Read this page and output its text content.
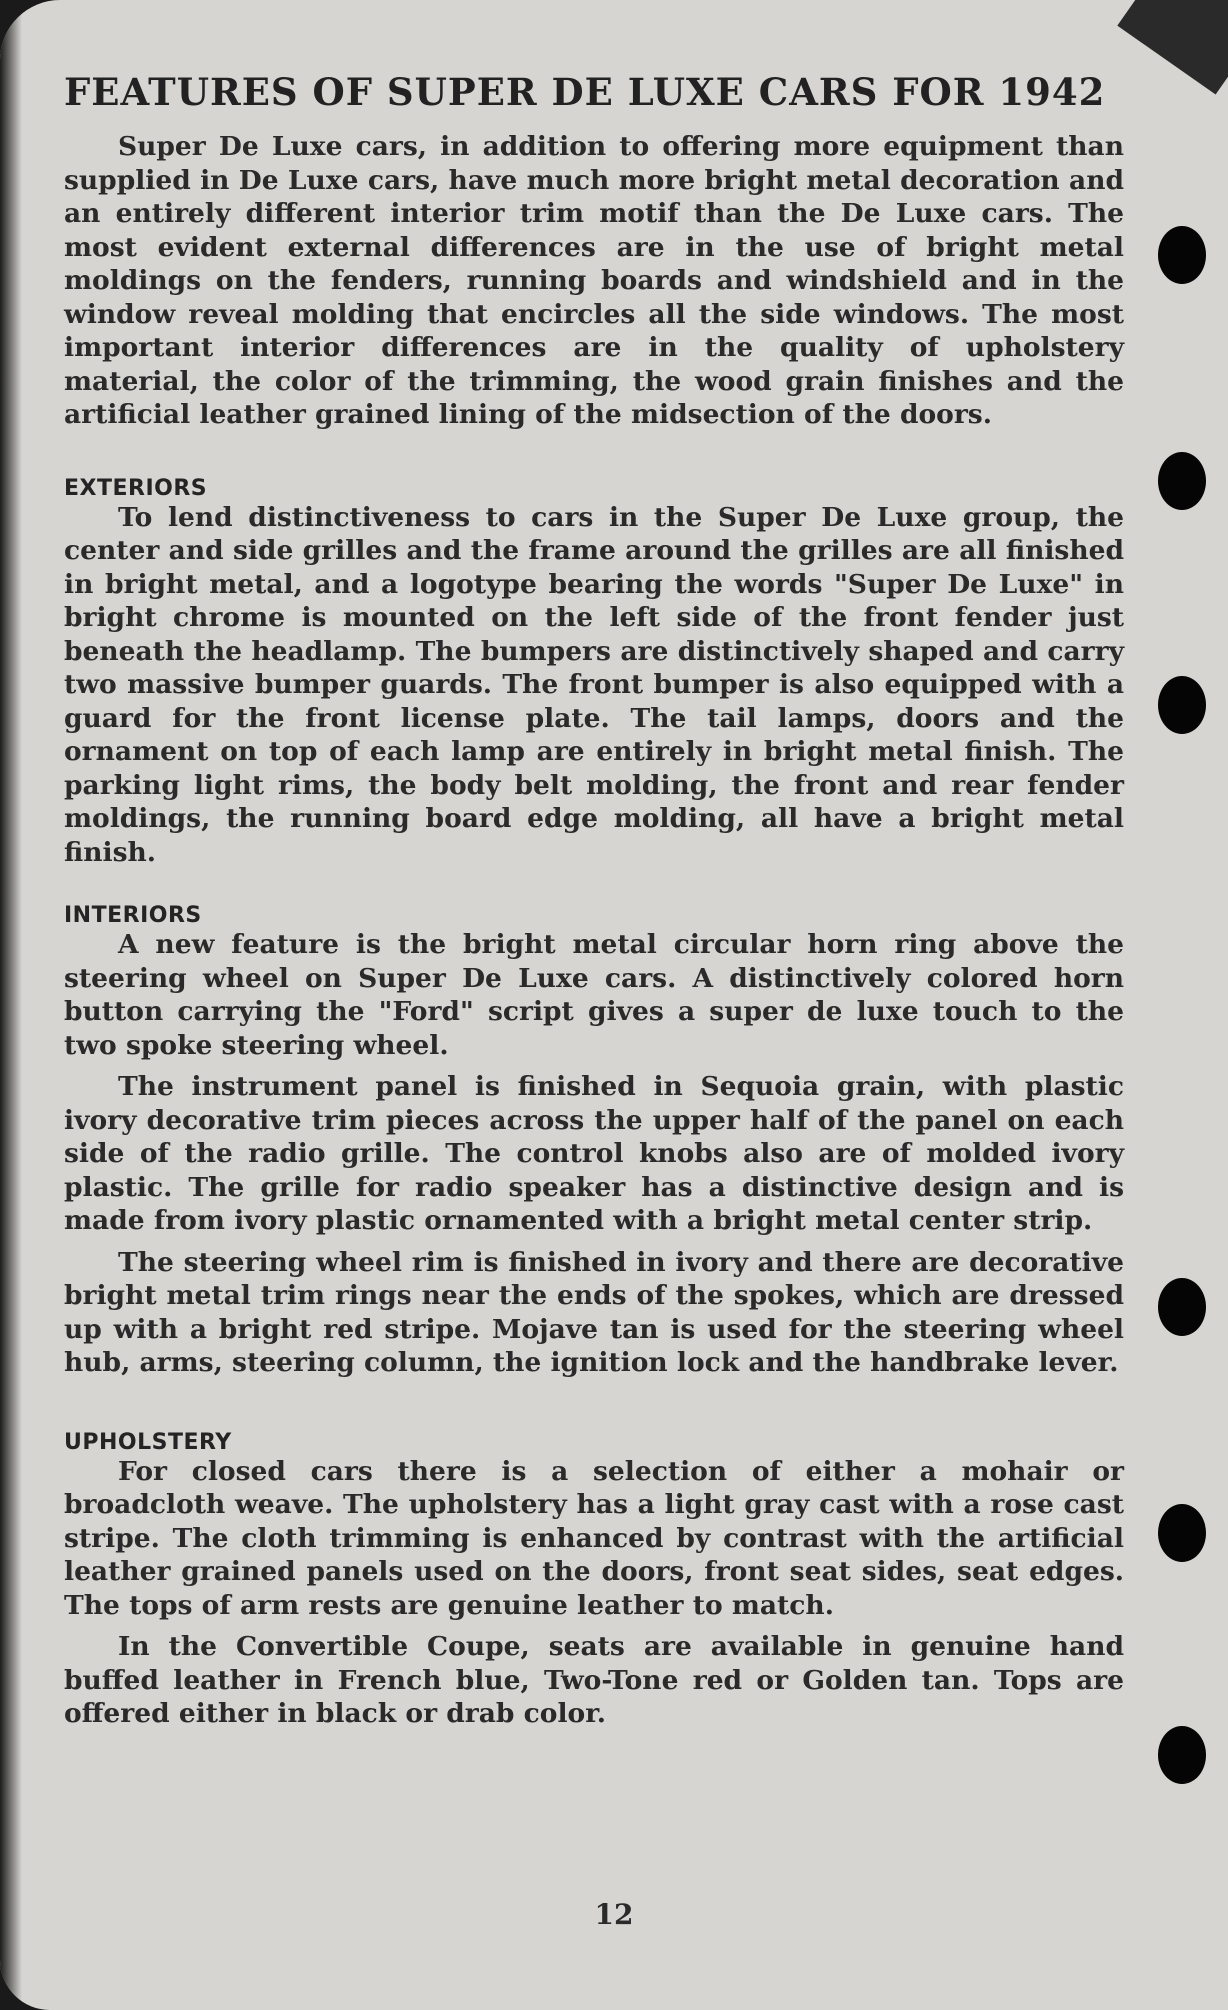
FEATURES OF SUPER DE LUXE CARS FOR 1942

Super De Luxe cars, in addition to offering more equipment than supplied in De Luxe cars, have much more bright metal decoration and an entirely different interior trim motif than the De Luxe cars. The most evident external differences are in the use of bright metal moldings on the fenders, running boards and windshield and in the window reveal molding that encircles all the side windows. The most important interior differences are in the quality of upholstery material, the color of the trimming, the wood grain finishes and the artificial leather grained lining of the midsection of the doors.

EXTERIORS

To lend distinctiveness to cars in the Super De Luxe group, the center and side grilles and the frame around the grilles are all finished in bright metal, and a logotype bearing the words "Super De Luxe" in bright chrome is mounted on the left side of the front fender just beneath the headlamp. The bumpers are distinctively shaped and carry two massive bumper guards. The front bumper is also equipped with a guard for the front license plate. The tail lamps, doors and the ornament on top of each lamp are entirely in bright metal finish. The parking light rims, the body belt molding, the front and rear fender moldings, the running board edge molding, all have a bright metal finish.

INTERIORS

A new feature is the bright metal circular horn ring above the steering wheel on Super De Luxe cars. A distinctively colored horn button carrying the "Ford" script gives a super de luxe touch to the two spoke steering wheel.

The instrument panel is finished in Sequoia grain, with plastic ivory decorative trim pieces across the upper half of the panel on each side of the radio grille. The control knobs also are of molded ivory plastic. The grille for radio speaker has a distinctive design and is made from ivory plastic ornamented with a bright metal center strip.

The steering wheel rim is finished in ivory and there are decorative bright metal trim rings near the ends of the spokes, which are dressed up with a bright red stripe. Mojave tan is used for the steering wheel hub, arms, steering column, the ignition lock and the handbrake lever.

UPHOLSTERY

For closed cars there is a selection of either a mohair or broadcloth weave. The upholstery has a light gray cast with a rose cast stripe. The cloth trimming is enhanced by contrast with the artificial leather grained panels used on the doors, front seat sides, seat edges. The tops of arm rests are genuine leather to match.

In the Convertible Coupe, seats are available in genuine hand buffed leather in French blue, Two-Tone red or Golden tan. Tops are offered either in black or drab color.

12
